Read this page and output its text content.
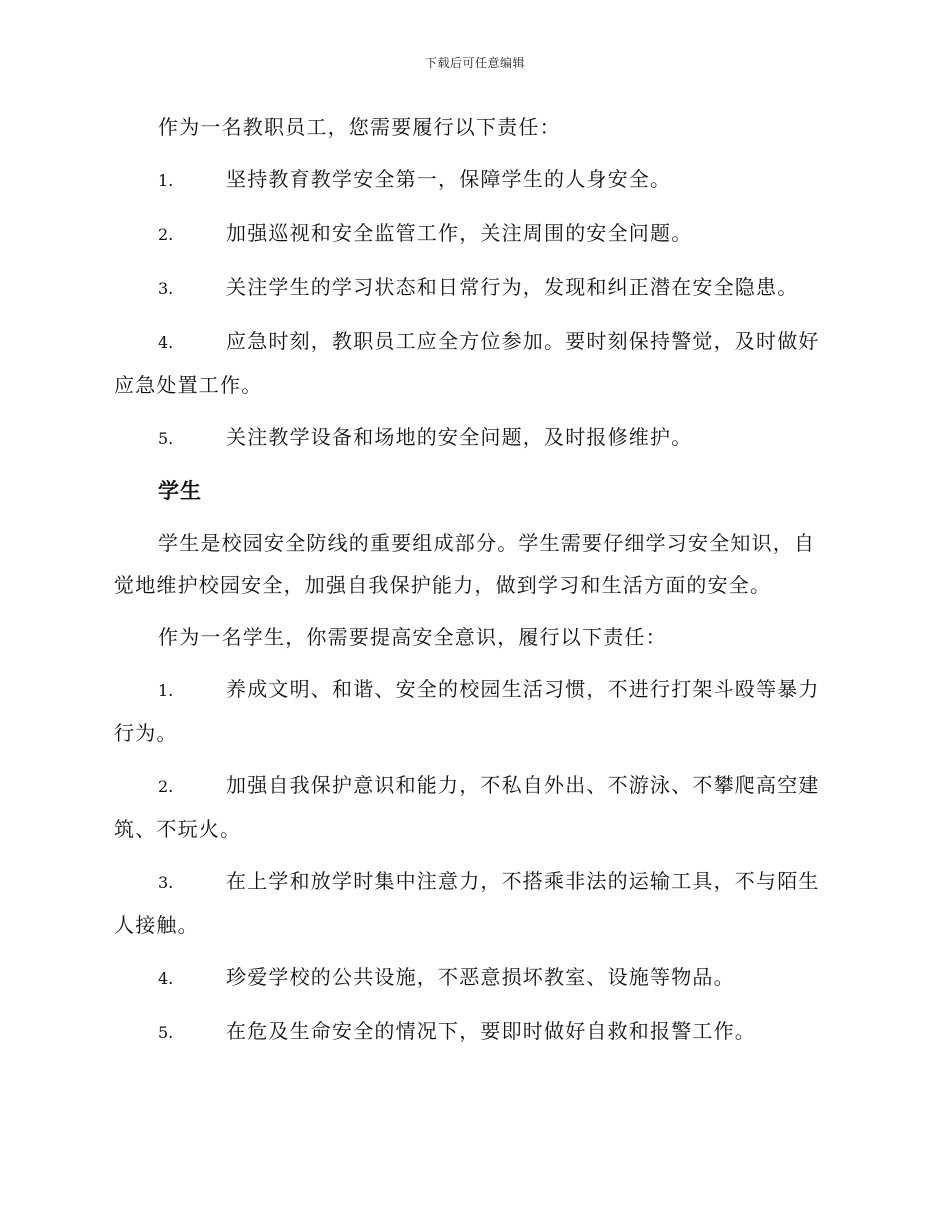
下载后可任意编辑

作为一名教职员工，您需要履行以下责任：

1.	坚持教育教学安全第一，保障学生的人身安全。
2.	加强巡视和安全监管工作，关注周围的安全问题。
3.	关注学生的学习状态和日常行为，发现和纠正潜在安全隐患。
4.	应急时刻，教职员工应全方位参加。要时刻保持警觉，及时做好应急处置工作。
5.	关注教学设备和场地的安全问题，及时报修维护。
学生

学生是校园安全防线的重要组成部分。学生需要仔细学习安全知识，自觉地维护校园安全，加强自我保护能力，做到学习和生活方面的安全。

作为一名学生，你需要提高安全意识，履行以下责任：

1.	养成文明、和谐、安全的校园生活习惯，不进行打架斗殴等暴力行为。
2.	加强自我保护意识和能力，不私自外出、不游泳、不攀爬高空建筑、不玩火。
3.	在上学和放学时集中注意力，不搭乘非法的运输工具，不与陌生人接触。
4.	珍爱学校的公共设施，不恶意损坏教室、设施等物品。
5.	在危及生命安全的情况下，要即时做好自救和报警工作。
